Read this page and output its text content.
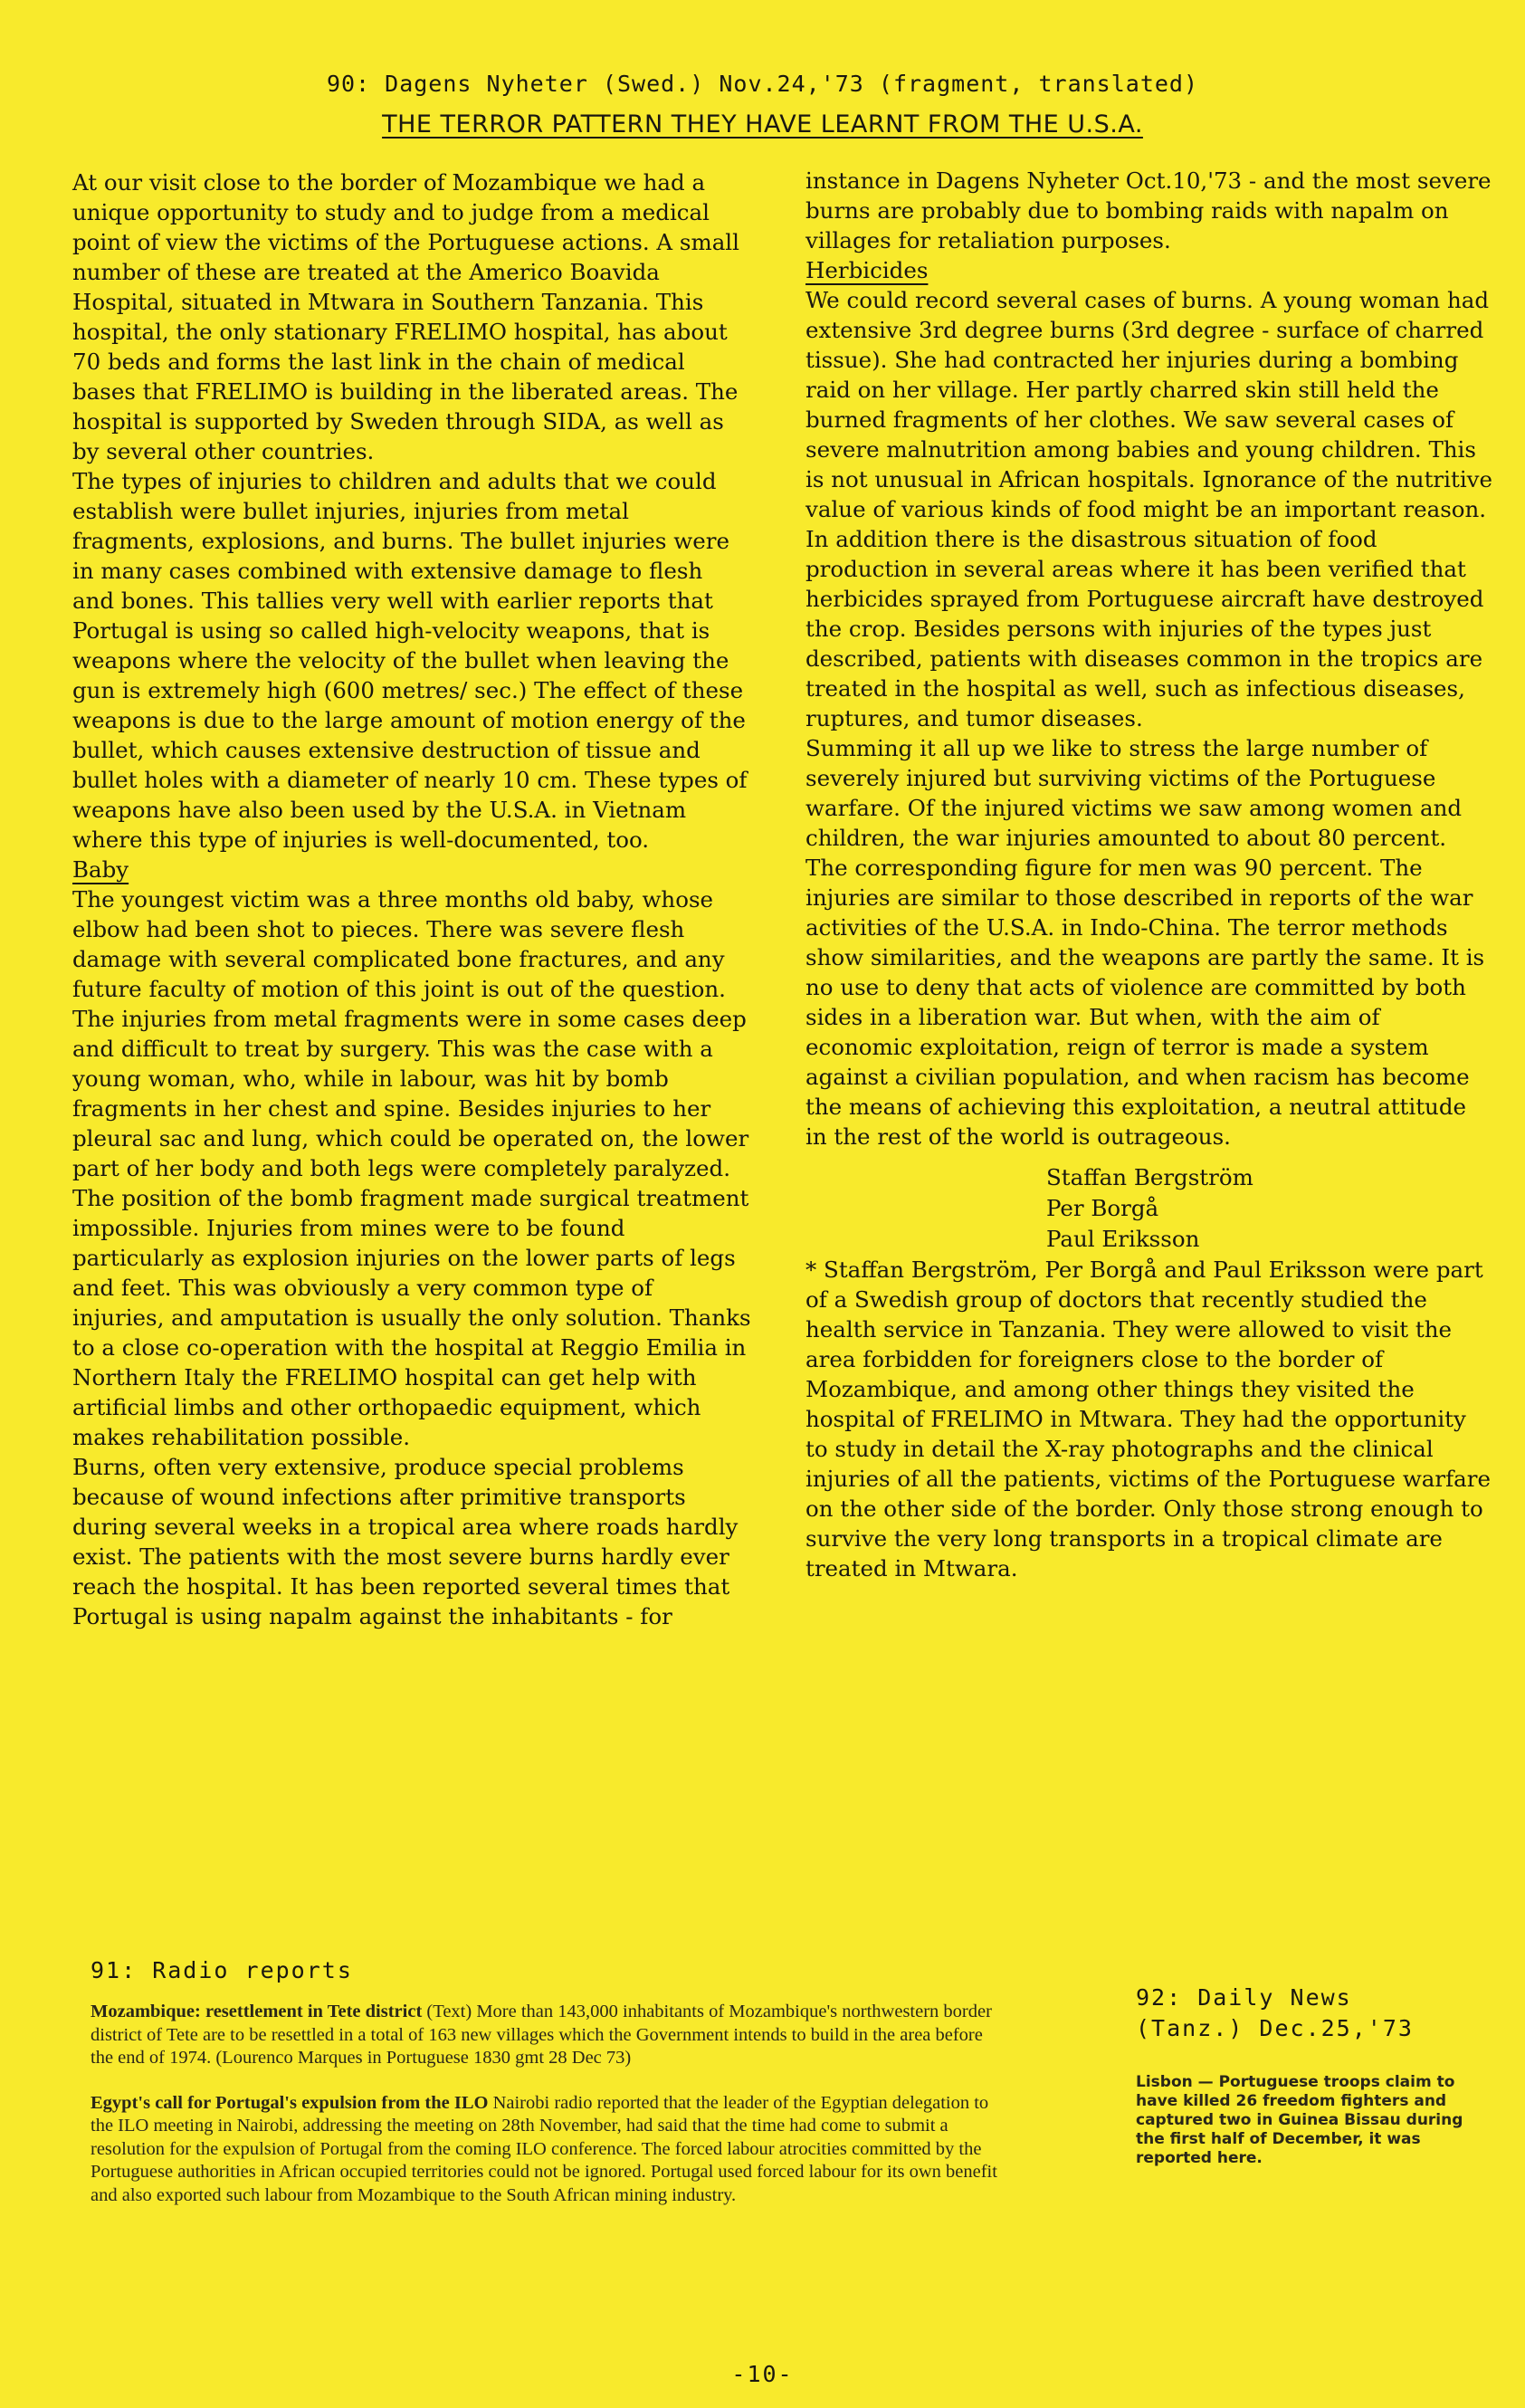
90: Dagens Nyheter (Swed.) Nov.24,'73 (fragment, translated)
THE TERROR PATTERN THEY HAVE LEARNT FROM THE U.S.A.

At our visit close to the border of Mozambique we had a unique opportunity to study and to judge from a medical point of view the victims of the Portuguese actions. A small number of these are treated at the Americo Boavida Hospital, situated in Mtwara in Southern Tanzania. This hospital, the only stationary FRELIMO hospital, has about 70 beds and forms the last link in the chain of medical bases that FRELIMO is building in the liberated areas. The hospital is supported by Sweden through SIDA, as well as by several other countries.

The types of injuries to children and adults that we could establish were bullet injuries, injuries from metal fragments, explosions, and burns. The bullet injuries were in many cases combined with extensive damage to flesh and bones. This tallies very well with earlier reports that Portugal is using so called high-velocity weapons, that is weapons where the velocity of the bullet when leaving the gun is extremely high (600 metres/ sec.) The effect of these weapons is due to the large amount of motion energy of the bullet, which causes extensive destruction of tissue and bullet holes with a diameter of nearly 10 cm. These types of weapons have also been used by the U.S.A. in Vietnam where this type of injuries is well-documented, too.

Baby

The youngest victim was a three months old baby, whose elbow had been shot to pieces. There was severe flesh damage with several complicated bone fractures, and any future faculty of motion of this joint is out of the question. The injuries from metal fragments were in some cases deep and difficult to treat by surgery. This was the case with a young woman, who, while in labour, was hit by bomb fragments in her chest and spine. Besides injuries to her pleural sac and lung, which could be operated on, the lower part of her body and both legs were completely paralyzed. The position of the bomb fragment made surgical treatment impossible. Injuries from mines were to be found particularly as explosion injuries on the lower parts of legs and feet. This was obviously a very common type of injuries, and amputation is usually the only solution. Thanks to a close co-operation with the hospital at Reggio Emilia in Northern Italy the FRELIMO hospital can get help with artificial limbs and other orthopaedic equipment, which makes rehabilitation possible.

Burns, often very extensive, produce special problems because of wound infections after primitive transports during several weeks in a tropical area where roads hardly exist. The patients with the most severe burns hardly ever reach the hospital. It has been reported several times that Portugal is using napalm against the inhabitants - for

instance in Dagens Nyheter Oct.10,'73 - and the most severe burns are probably due to bombing raids with napalm on villages for retaliation purposes.

Herbicides

We could record several cases of burns. A young woman had extensive 3rd degree burns (3rd degree - surface of charred tissue). She had contracted her injuries during a bombing raid on her village. Her partly charred skin still held the burned fragments of her clothes. We saw several cases of severe malnutrition among babies and young children. This is not unusual in African hospitals. Ignorance of the nutritive value of various kinds of food might be an important reason. In addition there is the disastrous situation of food production in several areas where it has been verified that herbicides sprayed from Portuguese aircraft have destroyed the crop. Besides persons with injuries of the types just described, patients with diseases common in the tropics are treated in the hospital as well, such as infectious diseases, ruptures, and tumor diseases.

Summing it all up we like to stress the large number of severely injured but surviving victims of the Portuguese warfare. Of the injured victims we saw among women and children, the war injuries amounted to about 80 percent. The corresponding figure for men was 90 percent. The injuries are similar to those described in reports of the war activities of the U.S.A. in Indo-China. The terror methods show similarities, and the weapons are partly the same. It is no use to deny that acts of violence are committed by both sides in a liberation war. But when, with the aim of economic exploitation, reign of terror is made a system against a civilian population, and when racism has become the means of achieving this exploitation, a neutral attitude in the rest of the world is outrageous.

Staffan Bergström
Per Borgå
Paul Eriksson

* Staffan Bergström, Per Borgå and Paul Eriksson were part of a Swedish group of doctors that recently studied the health service in Tanzania. They were allowed to visit the area forbidden for foreigners close to the border of Mozambique, and among other things they visited the hospital of FRELIMO in Mtwara. They had the opportunity to study in detail the X-ray photographs and the clinical injuries of all the patients, victims of the Portuguese warfare on the other side of the border. Only those strong enough to survive the very long transports in a tropical climate are treated in Mtwara.

91: Radio reports

Mozambique: resettlement in Tete district (Text) More than 143,000 inhabitants of Mozambique's northwestern border district of Tete are to be resettled in a total of 163 new villages which the Government intends to build in the area before the end of 1974. (Lourenco Marques in Portuguese 1830 gmt 28 Dec 73)

Egypt's call for Portugal's expulsion from the ILO Nairobi radio reported that the leader of the Egyptian delegation to the ILO meeting in Nairobi, addressing the meeting on 28th November, had said that the time had come to submit a resolution for the expulsion of Portugal from the coming ILO conference. The forced labour atrocities committed by the Portuguese authorities in African occupied territories could not be ignored. Portugal used forced labour for its own benefit and also exported such labour from Mozambique to the South African mining industry.

92: Daily News
(Tanz.) Dec.25,'73
Lisbon — Portuguese troops claim to have killed 26 freedom fighters and captured two in Guinea Bissau during the first half of December, it was reported here.
-10-
